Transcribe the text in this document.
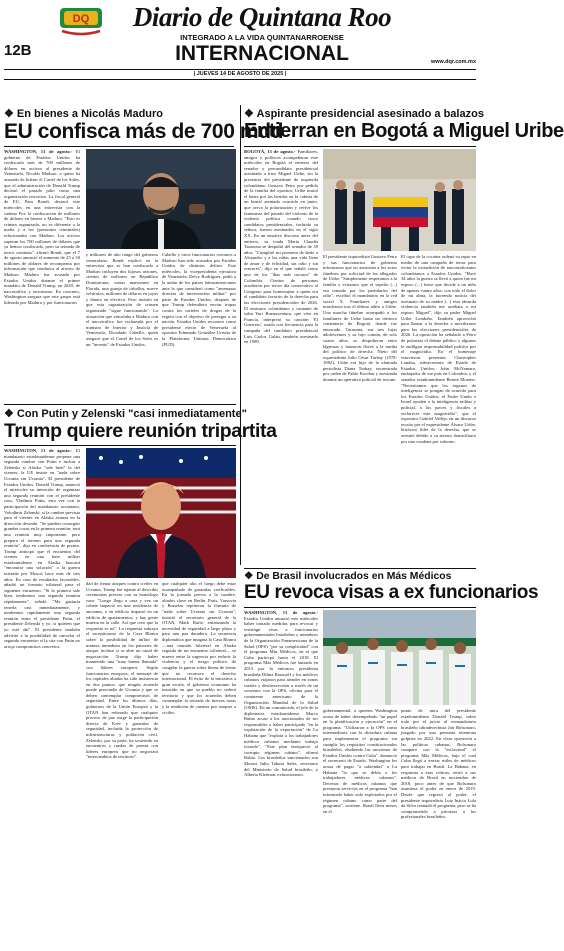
12B
DQ	Diario de Quintana Roo
INTEGRADO A LA VIDA QUINTANARROENSE
INTERNACIONAL	www.dqr.com.mx
| JUEVES 14 DE AGOSTO DE 2025 |
❖ En bienes a Nicolás Maduro
EU confisca más de 700 mdd

WASHINGTON, 13 de agosto.- El gobierno de Estados Unidos ha confiscado más de 700 millones de dólares en activos al presidente de Venezuela, Nicolás Maduro, a quien ha acusado de liderar el Cartel de los Soles, que el administración de Donald Trump declaró el pasado julio como una organización terrorista. La fiscal general de EU, Pam Bondi, destacó este miércoles en una entrevista con la cadena Fox la confiscación de millones de dólares en bienes a Maduro. "Esto es crimen organizado, no es diferente a la mafia y a los (presuntos criminales) relacionados con Maduro. Los activos superan los 700 millones de dólares que ya hemos confiscado, pero su reinado de terror continúa", afirmó Bondi, que el 7 de agosto anunció el aumento de 25 a 50 millones de dólares de recompensa por información que conduzca al arresto de Maduro. Maduro fue acusado por Estados Unidos durante el primer mandato de Donald Trump, en 2020, de narcotráfico y terrorismo. En concreto, Washington asegura que este grupo está liderado por Maduro y por funcionarios

y militares de alto rango del gobierno venezolano. Bondi explicó en la entrevista que se han confiscado a Maduro incluyen dos lujosos aviones, cientos de millones en República Dominicana, varias mansiones en Florida, una granja de caballos, nueve vehículos, millones de dólares en joyas y dinero en efectivo. Pero insistió en que esta organización de crimen organizado "sigue funcionando". La acusación que vinculaba a Maduro con el narcotráfico fue rechazada por el ministro de Interior y Justicia de Venezuela, Diosdado Cabello, quien aseguró que el Cartel de los Soles es un "invento" de Estados Unidos.

Cabello y otros funcionarios cercanos a Maduro han sido acusados por Estados Unidos de distintos delitos. Este miércoles, la vicepresidenta ejecutiva de Venezuela, Delcy Rodríguez, pidió a la unión de los países latinoamericanos ante lo que consideró como "amenazas directas de intervención militar" por parte de Estados Unidos, después de que Trump defendiera enviar tropas contra los carteles de drogas de la región con el objetivo de proteger a su nación. Estados Unidos reconoce como presidente electo de Venezuela al opositor Edmundo González Urrutia de la Plataforma Unitaria Democrática (PUD).

❖ Aspirante presidencial asesinado a balazos
Entierran en Bogotá a Miguel Uribe

BOGOTÁ, 13 de agosto.- Familiares, amigos y políticos acompañaron este miércoles en Bogotá el entierro del senador y precandidato presidencial asesinado a tiros Miguel Uribe, sin la presencia del presidente de izquierda colombiano Gustavo Petro por pedido de la familia del opositor. Uribe murió el lunes por las heridas en la cabeza de un brutal atentado ocurrido en junio, que aviva la polarización y revive los fantasmas del pasado del violento de la violenta política cuando cinco candidatos presidenciales, incluido su señora, fueron asesinados en el siglo XX. En un emotivo discurso antes del entierro, su viuda María Claudia Tarazona se despidió del senador de 39 años. "Cumpliré mi promesa de darle a Alejandro y a las niñas una vida llena de amor y de felicidad, sin odio y sin rencores", dijo en el que señaló como uno de los "días más oscuros" de Colombia. Cientos de personas acudieron por tercer día consecutivo al Congreso para homenajear a quien era el candidato favorito de la derecha para las elecciones presidenciales de 2026. El emisario colombiano y cantante de salsa Yuri Buenaventura, que vive en Francia, interpretó su canción 'El Guerrero', usada con frecuencia para la campaña del candidato presidencial Luis Carlos Galán, también asesinado en 1989.

El presidente izquierdista Gustavo Petro y sus funcionarios de gobierno informaron que no asistirían a los actos fúnebres por solicitud de los allegados de Uribe. "Simplemente respetamos a la familia y evitamos que el sepelio (...) sea tomado por los partidarios del odio", escribió el mandatario en la red social X. Familiares y amigos marcharon tras el último adiós a Uribe. Una marcha fúnebre acompañó a los familiares de Uribe hasta un céntrico cementerio de Bogotá, donde fue enterrado. Tarazona, sus tres hijas adolescentes y su hijo común, de solo cuatro años, se despidieron entre lágrimas y lanzaron flores a la tumba del político de derecha. Nieto del expresidente Julio César Turbay (1978-1982), Uribe era hijo de la afamada periodista Diana Turbay, secuestrada por orden de Pablo Escobar y asesinada durante un operativo policial de rescate.

El capo de la cocaína ordenó su rapto en medio de una campaña de terror para evitar la extradición de narcotraficantes colombianos a Estados Unidos. "Hace 34 años la guerra se llevó a quien fue mi esposo (...) fuese que decide a un niño de apenas cuatro años, con todo el dolor de mi alma, la horrenda noticia del asesinato de su madre (...) esta absurda violencia también me arrebata a mi esposo Miguel", dijo su padre Miguel Uribe Londoño. También aprovechó para llamar a la derecha a movilizarse para las elecciones presidenciales de 2026. La oposición ha señalado a Petro de polarizar el debate público y algunos le endilgan responsabilidad política por el magnicidio. En el homenaje estuvieron presentes Christopher Landau, subsecretario de Estado de Estados Unidos; John McNamara, embajador de ese país en Colombia; y el senador estadounidense Bernie Moreno. "Necesitamos que los órganos de inteligencia se pongan de acuerdo para los Estados Unidos; el Poder Unido e Israel ayuden a la inteligencia militar y policial, a los jueces y fiscales a esclarecer este magnicidio", que el expositor Gabriel Vallejo en un discurso escrito por el expresidente Álvaro Uribe, histórico líder de la derecha, que se asesinó debido a su arresto domiciliario por una condena por soborno.

❖ Con Putin y Zelenski "casi inmediatamente"
Trump quiere reunión tripartita

WASHINGTON, 13 de agosto.- El mandatario estadounidense propone una segunda cumbre con Putin e incluir a Zelenski si Alaska "sale bien" la del viernes; la UE insiste en "nada sobre Ucrania sin Ucrania". El presidente de Estados Unidos, Donald Trump, anunció el miércoles su intención de organizar una segunda reunión con el presidente ruso, Vladímir Putin, esta vez con la participación del mandatario ucraniano, Volodímir Zelenski, si la cumbre prevista para el viernes en Alaska avanza en la dirección deseada. "Se pueden conseguir grandes cosas en la primera reunión; será una reunión muy importante, pero prepara el terreno para una segunda reunión", dijo en conferencia de prensa. Trump anticipó que el encuentro del viernes en una base militar estadounidense en Alaska buscará "encontrar una solución" a la guerra iniciada por Moscú hace más de tres años. En caso de resultados favorables, añadió un formato trilateral para el siguiente encuentro. "Si la primera sale bien, tendremos una segunda reunión rápidamente", señaló. "Me gustaría tenerla casi inmediatamente, y tendremos rápidamente una segunda reunión entre el presidente Putin, el presidente Zelenski y yo, si quieren que yo esté ahí". El presidente también advirtió a la posibilidad de cancelar el segundo encuentro si la cita con Putin no arroja compromisos concretos.

dad de frenar ataques contra civiles en Ucrania, Trump fue tajante al describir ceremonias previas con su homólogo ruso: "Luego llego a casa y veo un cohete impactó en una residencia de ancianos, o en edificio impactó en un edificio de apartamentos, y hay gente muerta en la calle. Así que creo que la respuesta es no". La respuesta subraya el escepticismo de la Casa Blanca sobre la posibilidad de influir de manera inmediata en los patrones de ataque, incluso si se abre un canal de negociación. Trump dijo haber mantenido una "muy buena llamada" con líderes europeos. Según funcionarios europeos, el mensaje de los capitales aliadas ha sido insistencia en dos puntos: que ningún acuerdo puede prescindir de Ucrania y que se deben contemplar compromisos de seguridad. Entre los últimos días, gobiernos de la Unión Europea y la OTAN han reiterado que cualquier proceso de paz exige la participación directa de Kiev y garantías de seguridad, incluida la protección de infraestructuras y población civil. Zelenski, por su parte, ha sostenido en encuentros y ruedas de prensa con líderes europeos que no negociará "intercambios de territorio".

que cualquier alto el fuego debe estar acompañado de garantías verificables. En la jornada previa a la cumbre, aliados clave en Berlín, París, Varsovia y Bruselas repitieron la fórmula de "nada sobre Ucrania sin Ucrania", insistió el secretario general de la OTAN, Mark Rutte, enfatizando la necesidad de seguridad a largo plazo y para una paz duradera. La secuencia diplomática que imagina la Casa Blanca —una reunión bilateral en Alaska seguida de un encuentro trilateral— se mueve entre la urgencia por reducir la violencia y el riesgo político de congelar la guerra sobre líneas de frente que no reconoce el derecho internacional. El éxito de la iniciativa a gran escala, el gobierno ucraniano ha insistido en que su pueblo no cederá territorio y que los acuerdos deben contemplar la retirada de fuerzas rusas y la rendición de cuentas por ataques a civiles.

❖ De Brasil involucrados en Más Médicos
EU revoca visas a ex funcionarios

WASHINGTON, 13 de agosto.- Estados Unidos anunció este miércoles haber tomado medidas para revocar y restringir visas a funcionarios gubernamentales brasileños y miembros de la Organización Panamericana de la Salud (OPS) "por su complicidad" con el programa Más Médicos, en el que Cuba participó hasta el 2018. El programa Más Médicos fue lanzado en 2013 por la entonces presidenta brasileña Dilma Rousseff y los médicos cubanos viajaron para atender en zonas rurales y desfavorecidas a través de un convenio con la OPS, oficina para el continente americano de la Organización Mundial de la Salud (OMS). En un comunicado, el jefe de la diplomacia estadounidense Marco Rubio acusó a los sancionados de ser responsables o haber participado "en la explotación de la exportación" de La Habana que "explota a los trabajadores médicos cubanos mediante trabajo forzado". "Este plan enriqueció al corrupto régimen cubano", afirmó Rubio. Los brasileños sancionados son Mozart Julio Tabosa Sales, secretario del Ministerio de Salud brasileño, y Alberto Kleiman, exfuncionario.

gubernamental, a quienes Washington acusa de haber desempeñado "un papel en la planificación y ejecución" en el programa. "Utilizaron a la OPS como intermediaria con la dictadura cubana para implementar el programa sin cumplir los requisitos constitucionales brasileños, eludiendo las sanciones de Estados Unidos contra Cuba", denunció el secretario de Estado. Washington les acusa de pagar "a sabiendas" a La Habana "lo que se debía a los trabajadores médicos cubanos". Decenas de médicos cubanos que prestaron servicios en el programa "han informado haber sido explotados por el régimen cubano como parte del programa", sostiene. Brasil lleva meses en el

punto de mira del presidente estadounidense Donald Trump, sobre todo por el juicio al exmandatario brasileño ultraderechista Jair Bolsonaro, juzgado por una presunta intentona golpista en 2022. En clara oposición a las políticas cubanas, Bolsonaro comparó con la "esclavitud" el programa Más Médicos, bajo el cual Cuba llegó a enviar miles de médicos para trabajar en Brasil. La Habana, en respuesta a esas críticas, retiró a sus médicos de Brasil en noviembre de 2018, poco antes de que Bolsonaro asumiera el poder en enero de 2019. Desde que regresó al poder, el presidente izquierdista Luiz Inácio Lula da Silva reanudó el programa, pero se ha comprometido a priorizar a los profesionales brasileños.
